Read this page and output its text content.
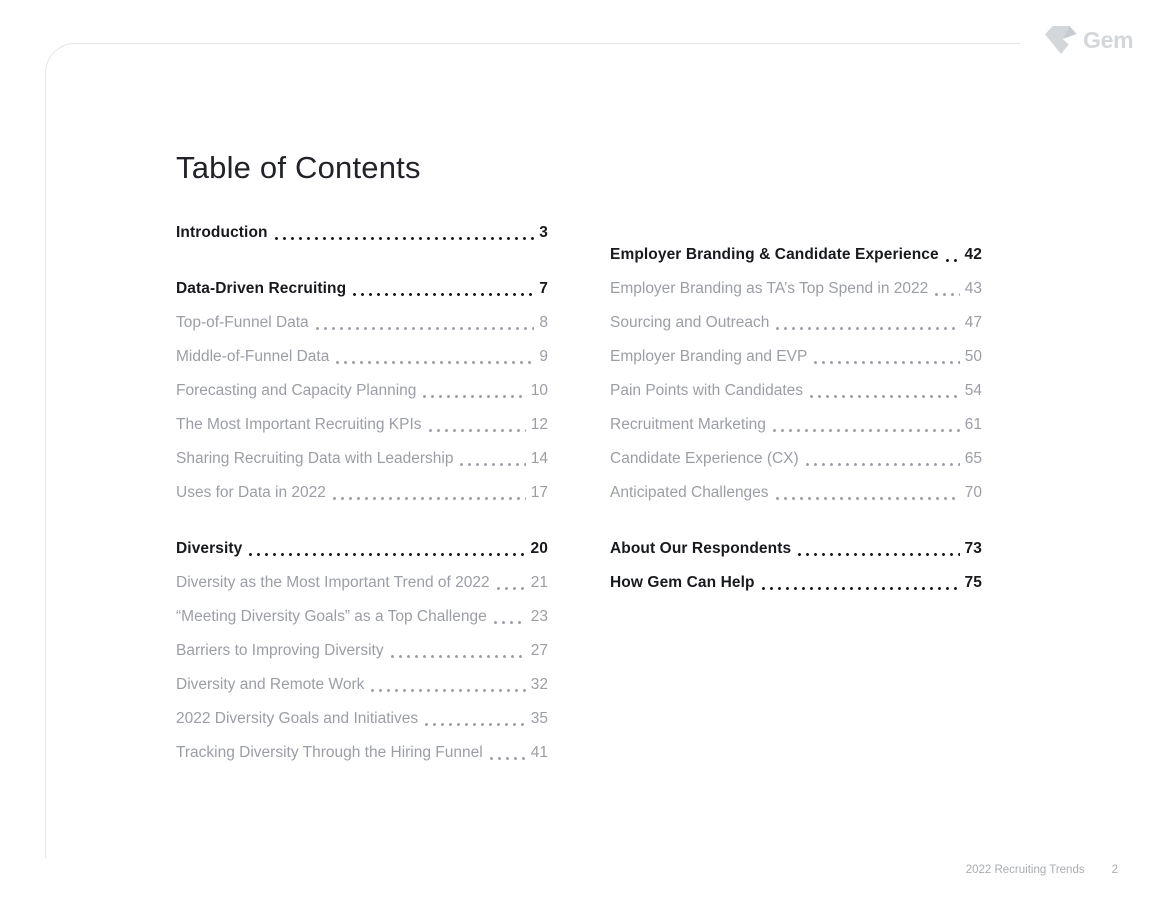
Gem
Table of Contents
Introduction	3
Data-Driven Recruiting	7
Top-of-Funnel Data	8
Middle-of-Funnel Data	9
Forecasting and Capacity Planning	10
The Most Important Recruiting KPIs	12
Sharing Recruiting Data with Leadership	14
Uses for Data in 2022	17
Diversity	20
Diversity as the Most Important Trend of 2022	21
“Meeting Diversity Goals” as a Top Challenge	23
Barriers to Improving Diversity	27
Diversity and Remote Work	32
2022 Diversity Goals and Initiatives	35
Tracking Diversity Through the Hiring Funnel	41
Employer Branding & Candidate Experience 42
Employer Branding as TA’s Top Spend in 2022 43
Sourcing and Outreach	47
Employer Branding and EVP	50
Pain Points with Candidates	54
Recruitment Marketing	61
Candidate Experience (CX)	65
Anticipated Challenges	70
About Our Respondents	73
How Gem Can Help	75
2022 Recruiting Trends 2
